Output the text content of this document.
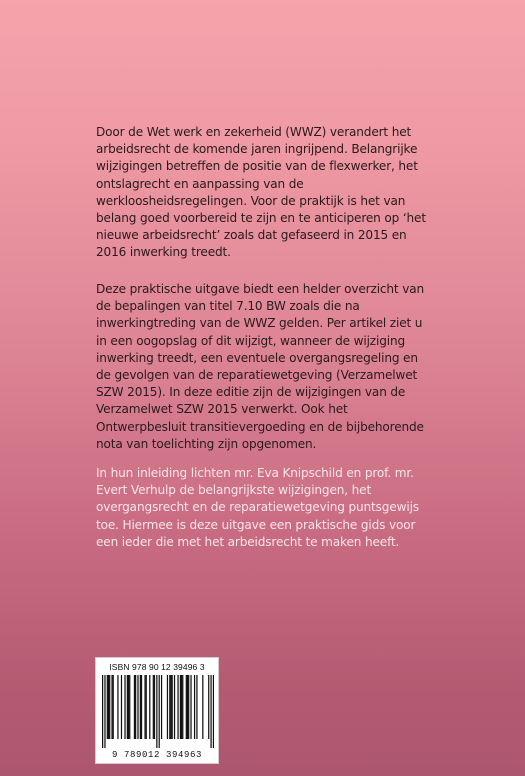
Door de Wet werk en zekerheid (WWZ) verandert het arbeidsrecht de komende jaren ingrijpend. Belangrijke wijzigingen betreffen de positie van de flexwerker, het ontslagrecht en aanpassing van de werkloosheidsregelingen. Voor de praktijk is het van belang goed voorbereid te zijn en te anticiperen op ‘het nieuwe arbeidsrecht’ zoals dat gefaseerd in 2015 en 2016 inwerking treedt.

Deze praktische uitgave biedt een helder overzicht van de bepalingen van titel 7.10 BW zoals die na inwerkingtreding van de WWZ gelden. Per artikel ziet u in een oogopslag of dit wijzigt, wanneer de wijziging inwerking treedt, een eventuele overgangsregeling en de gevolgen van de reparatiewetgeving (Verzamelwet SZW 2015). In deze editie zijn de wijzigingen van de Verzamelwet SZW 2015 verwerkt. Ook het Ontwerpbesluit transitievergoeding en de bijbehorende nota van toelichting zijn opgenomen.

In hun inleiding lichten mr. Eva Knipschild en prof. mr. Evert Verhulp de belangrijkste wijzigingen, het overgangsrecht en de reparatiewetgeving puntsgewijs toe. Hiermee is deze uitgave een praktische gids voor een ieder die met het arbeidsrecht te maken heeft.

ISBN 978 90 12 39496 3
9 789012 394963
